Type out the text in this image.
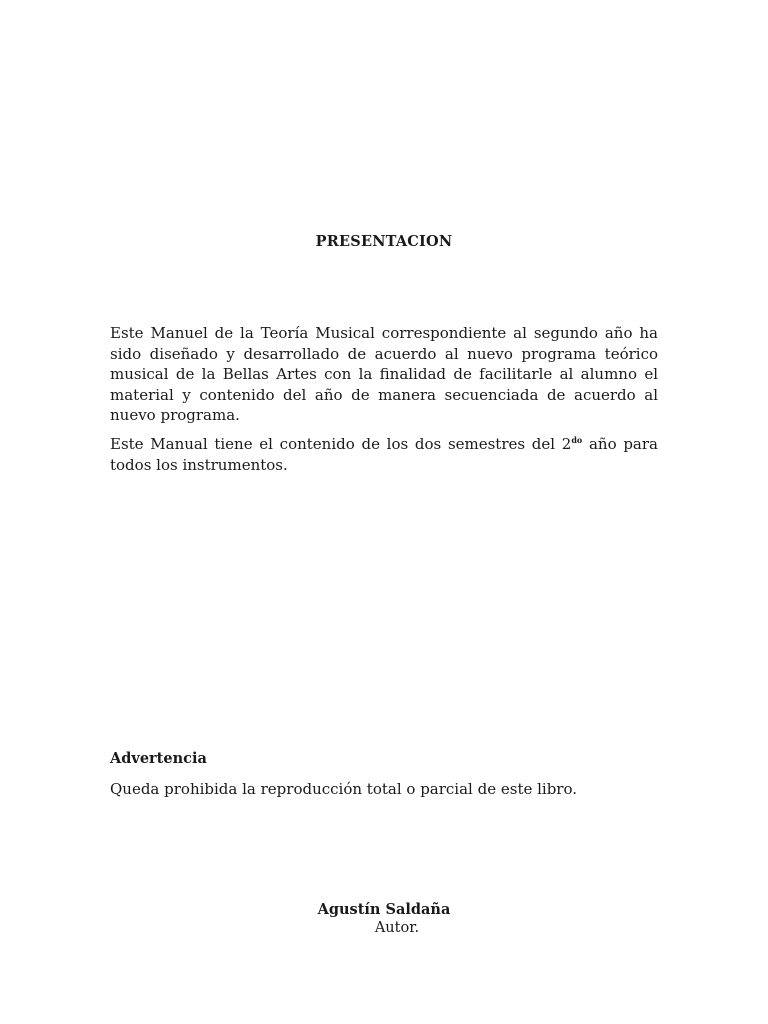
PRESENTACION

Este Manuel de la Teoría Musical correspondiente al segundo año ha sido diseñado y desarrollado de acuerdo al nuevo programa teórico musical de la Bellas Artes con la finalidad de facilitarle al alumno el material y contenido del año de manera secuenciada de acuerdo al nuevo programa.

Este Manual tiene el contenido de los dos semestres del $2^{do}$ año para todos los instrumentos.

Advertencia

Queda prohibida la reproducción total o parcial de este libro.

Agustín Saldaña
Autor.
